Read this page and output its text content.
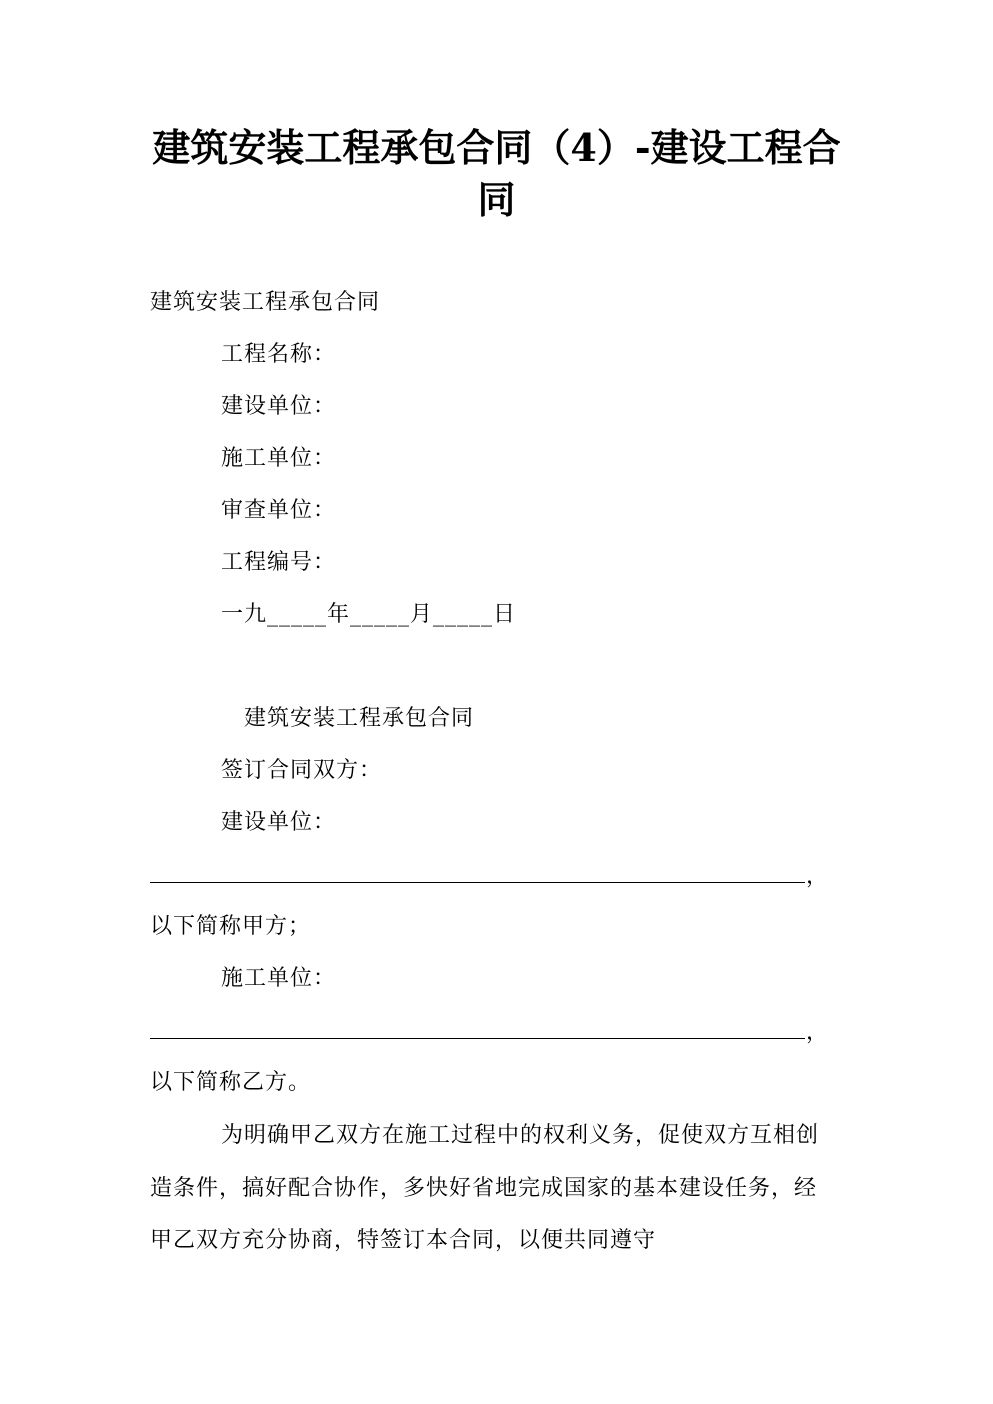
建筑安装工程承包合同（4）-建设工程合
同
建筑安装工程承包合同
工程名称：
建设单位：
施工单位：
审查单位：
工程编号：
一九_____年_____月_____日
建筑安装工程承包合同
签订合同双方：
建设单位：
，
以下简称甲方；
施工单位：
，
以下简称乙方。
为明确甲乙双方在施工过程中的权利义务，促使双方互相创
造条件，搞好配合协作，多快好省地完成国家的基本建设任务，经
甲乙双方充分协商，特签订本合同，以便共同遵守
